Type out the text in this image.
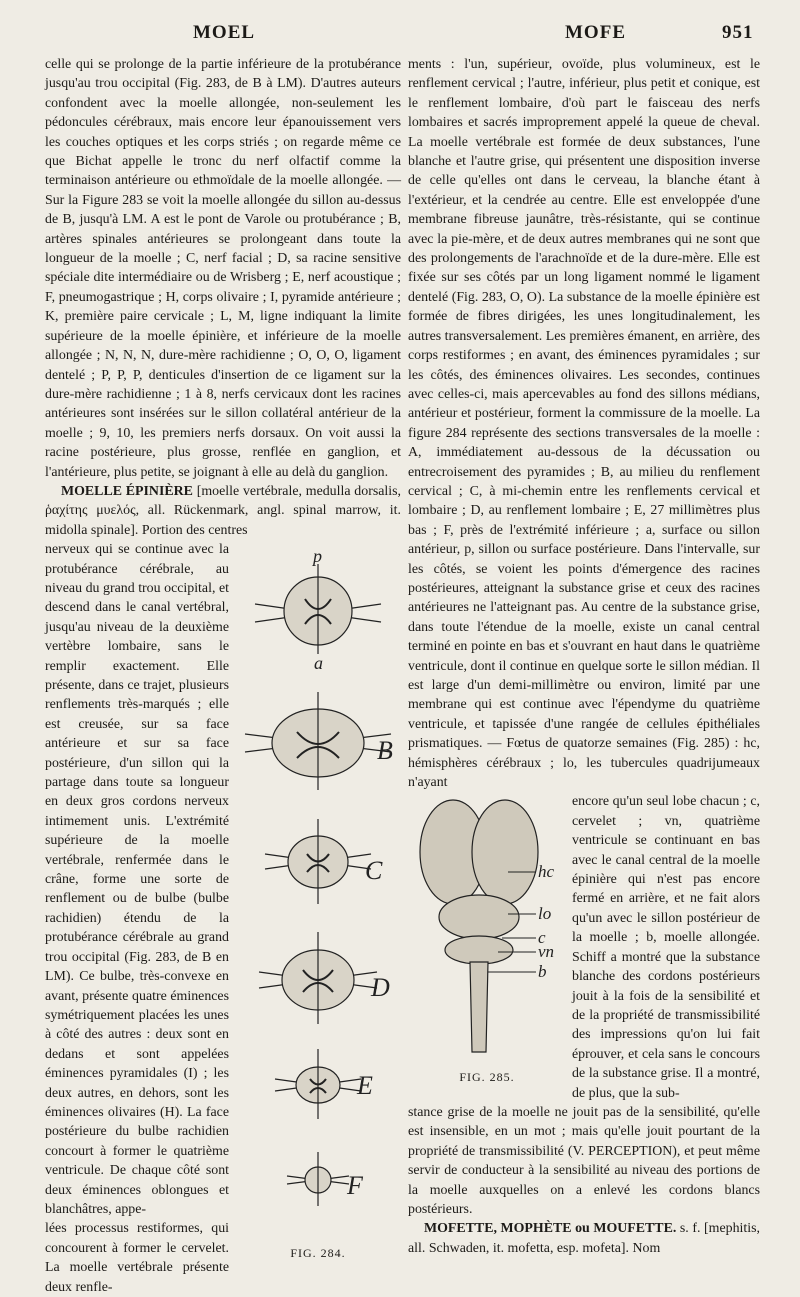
MOEL	MOFE	951

celle qui se prolonge de la partie inférieure de la protubérance jusqu'au trou occipital (Fig. 283, de B à LM). D'autres auteurs confondent avec la moelle allongée, non-seulement les pédoncules cérébraux, mais encore leur épanouissement vers les couches optiques et les corps striés ; on regarde même ce que Bichat appelle le tronc du nerf olfactif comme la terminaison antérieure ou ethmoïdale de la moelle allongée. — Sur la Figure 283 se voit la moelle allongée du sillon au-dessus de B, jusqu'à LM. A est le pont de Varole ou protubérance ; B, artères spinales antérieures se prolongeant dans toute la longueur de la moelle ; C, nerf facial ; D, sa racine sensitive spéciale dite intermédiaire ou de Wrisberg ; E, nerf acoustique ; F, pneumogastrique ; H, corps olivaire ; I, pyramide antérieure ; K, première paire cervicale ; L, M, ligne indiquant la limite supérieure de la moelle épinière, et inférieure de la moelle allongée ; N, N, N, dure-mère rachidienne ; O, O, O, ligament dentelé ; P, P, P, denticules d'insertion de ce ligament sur la dure-mère rachidienne ; 1 à 8, nerfs cervicaux dont les racines antérieures sont insérées sur le sillon collatéral antérieur de la moelle ; 9, 10, les premiers nerfs dorsaux. On voit aussi la racine postérieure, plus grosse, renflée en ganglion, et l'antérieure, plus petite, se joignant à elle au delà du ganglion.

MOELLE ÉPINIÈRE [moelle vertébrale, medulla dorsalis, ῥαχίτης μυελός, all. Rückenmark, angl. spinal marrow, it. midolla spinale]. Portion des centres

B
C
D
E
F
p
a
FIG. 284.

nerveux qui se continue avec la protubérance cérébrale, au niveau du grand trou occipital, et descend dans le canal vertébral, jusqu'au niveau de la deuxième vertèbre lombaire, sans le remplir exactement. Elle présente, dans ce trajet, plusieurs renflements très-marqués ; elle est creusée, sur sa face antérieure et sur sa face postérieure, d'un sillon qui la partage dans toute sa longueur en deux gros cordons nerveux intimement unis. L'extrémité supérieure de la moelle vertébrale, renfermée dans le crâne, forme une sorte de renflement ou de bulbe (bulbe rachidien) étendu de la protubérance cérébrale au grand trou occipital (Fig. 283, de B en LM). Ce bulbe, très-convexe en avant, présente quatre éminences symétriquement placées les unes à côté des autres : deux sont en dedans et sont appelées éminences pyramidales (I) ; les deux autres, en dehors, sont les éminences olivaires (H). La face postérieure du bulbe rachidien concourt à former le quatrième ventricule. De chaque côté sont deux éminences oblongues et blanchâtres, appe-

lées processus restiformes, qui concourent à former le cervelet. La moelle vertébrale présente deux renfle-

ments : l'un, supérieur, ovoïde, plus volumineux, est le renflement cervical ; l'autre, inférieur, plus petit et conique, est le renflement lombaire, d'où part le faisceau des nerfs lombaires et sacrés improprement appelé la queue de cheval. La moelle vertébrale est formée de deux substances, l'une blanche et l'autre grise, qui présentent une disposition inverse de celle qu'elles ont dans le cerveau, la blanche étant à l'extérieur, et la cendrée au centre. Elle est enveloppée d'une membrane fibreuse jaunâtre, très-résistante, qui se continue avec la pie-mère, et de deux autres membranes qui ne sont que des prolongements de l'arachnoïde et de la dure-mère. Elle est fixée sur ses côtés par un long ligament nommé le ligament dentelé (Fig. 283, O, O). La substance de la moelle épinière est formée de fibres dirigées, les unes longitudinalement, les autres transversalement. Les premières émanent, en arrière, des corps restiformes ; en avant, des éminences pyramidales ; sur les côtés, des éminences olivaires. Les secondes, continues avec celles-ci, mais apercevables au fond des sillons médians, antérieur et postérieur, forment la commissure de la moelle. La figure 284 représente des sections transversales de la moelle : A, immédiatement au-dessous de la décussation ou entrecroisement des pyramides ; B, au milieu du renflement cervical ; C, à mi-chemin entre les renflements cervical et lombaire ; D, au renflement lombaire ; E, 27 millimètres plus bas ; F, près de l'extrémité inférieure ; a, surface ou sillon antérieur, p, sillon ou surface postérieure. Dans l'intervalle, sur les côtés, se voient les points d'émergence des racines postérieures, atteignant la substance grise et ceux des racines antérieures ne l'atteignant pas. Au centre de la substance grise, dans toute l'étendue de la moelle, existe un canal central terminé en pointe en bas et s'ouvrant en haut dans le quatrième ventricule, dont il continue en quelque sorte le sillon médian. Il est large d'un demi-millimètre ou environ, limité par une membrane qui est continue avec l'épendyme du quatrième ventricule, et tapissée d'une rangée de cellules épithéliales prismatiques. — Fœtus de quatorze semaines (Fig. 285) : hc, hémisphères cérébraux ; lo, les tubercules quadrijumeaux n'ayant

hc
lo
c
vn
b
FIG. 285.

encore qu'un seul lobe chacun ; c, cervelet ; vn, quatrième ventricule se continuant en bas avec le canal central de la moelle épinière qui n'est pas encore fermé en arrière, et ne fait alors qu'un avec le sillon postérieur de la moelle ; b, moelle allongée. Schiff a montré que la substance blanche des cordons postérieurs jouit à la fois de la sensibilité et de la propriété de transmissibilité des impressions qu'on lui fait éprouver, et cela sans le concours de la substance grise. Il a montré, de plus, que la sub-

stance grise de la moelle ne jouit pas de la sensibilité, qu'elle est insensible, en un mot ; mais qu'elle jouit pourtant de la propriété de transmissibilité (V. PERCEPTION), et peut même servir de conducteur à la sensibilité au niveau des portions de la moelle auxquelles on a enlevé les cordons blancs postérieurs.

MOFETTE, MOPHÈTE ou MOUFETTE. s. f. [mephitis, all. Schwaden, it. mofetta, esp. mofeta]. Nom
